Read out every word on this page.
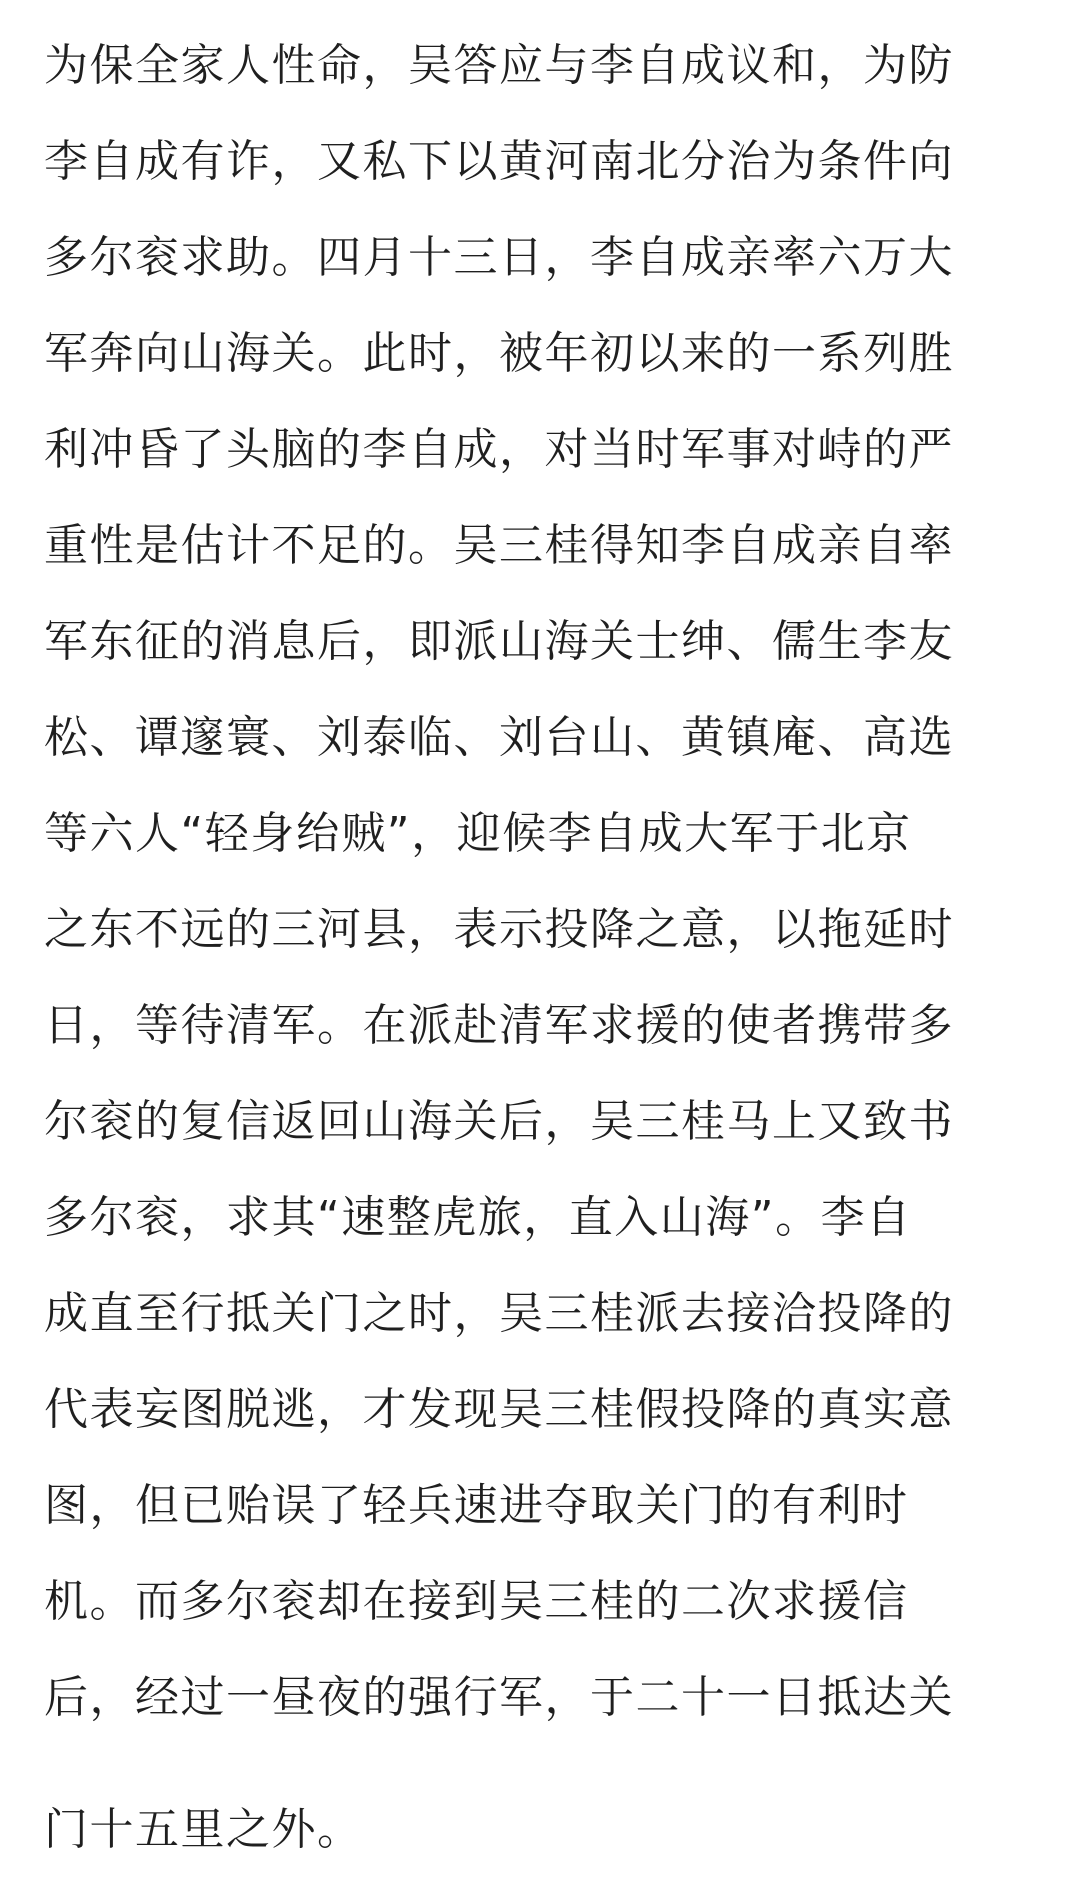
为保全家人性命，吴答应与李自成议和，为防
李自成有诈，又私下以黄河南北分治为条件向
多尔衮求助。四月十三日，李自成亲率六万大
军奔向山海关。此时，被年初以来的一系列胜
利冲昏了头脑的李自成，对当时军事对峙的严
重性是估计不足的。吴三桂得知李自成亲自率
军东征的消息后，即派山海关士绅、儒生李友
松、谭邃寰、刘泰临、刘台山、黄镇庵、高选
等六人“轻身绐贼”，迎候李自成大军于北京
之东不远的三河县，表示投降之意，以拖延时
日，等待清军。在派赴清军求援的使者携带多
尔衮的复信返回山海关后，吴三桂马上又致书
多尔衮，求其“速整虎旅，直入山海”。李自
成直至行抵关门之时，吴三桂派去接洽投降的
代表妄图脱逃，才发现吴三桂假投降的真实意
图，但已贻误了轻兵速进夺取关门的有利时
机。而多尔衮却在接到吴三桂的二次求援信
后，经过一昼夜的强行军，于二十一日抵达关
门十五里之外。
